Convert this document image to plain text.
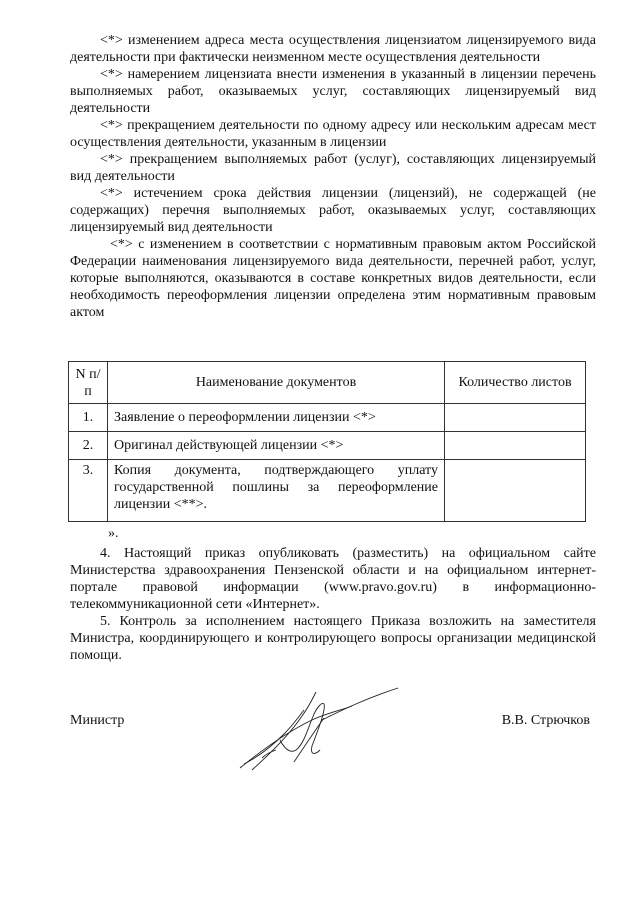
<*> изменением адреса места осуществления лицензиатом лицензируемого вида деятельности при фактически неизменном месте осуществления деятельности

<*> намерением лицензиата внести изменения в указанный в лицензии перечень выполняемых работ, оказываемых услуг, составляющих лицензируемый вид деятельности

<*> прекращением деятельности по одному адресу или нескольким адресам мест осуществления деятельности, указанным в лицензии

<*> прекращением выполняемых работ (услуг), составляющих лицензируемый вид деятельности

<*> истечением срока действия лицензии (лицензий), не содержащей (не содержащих) перечня выполняемых работ, оказываемых услуг, составляющих лицензируемый вид деятельности

<*> с изменением в соответствии с нормативным правовым актом Российской Федерации наименования лицензируемого вида деятельности, перечней работ, услуг, которые выполняются, оказываются в составе конкретных видов деятельности, если необходимость переоформления лицензии определена этим нормативным правовым актом

N п/п	Наименование документов	Количество листов
1.	Заявление о переоформлении лицензии <*>	
2.	Оригинал действующей лицензии <*>	
3.	Копия документа, подтверждающего уплату государственной пошлины за переоформление лицензии <**>.	
».

4. Настоящий приказ опубликовать (разместить) на официальном сайте Министерства здравоохранения Пензенской области и на официальном интернет-портале правовой информации (www.pravo.gov.ru) в информационно-телекоммуникационной сети «Интернет».

5. Контроль за исполнением настоящего Приказа возложить на заместителя Министра, координирующего и контролирующего вопросы организации медицинской помощи.

Министр	В.В. Стрючков
